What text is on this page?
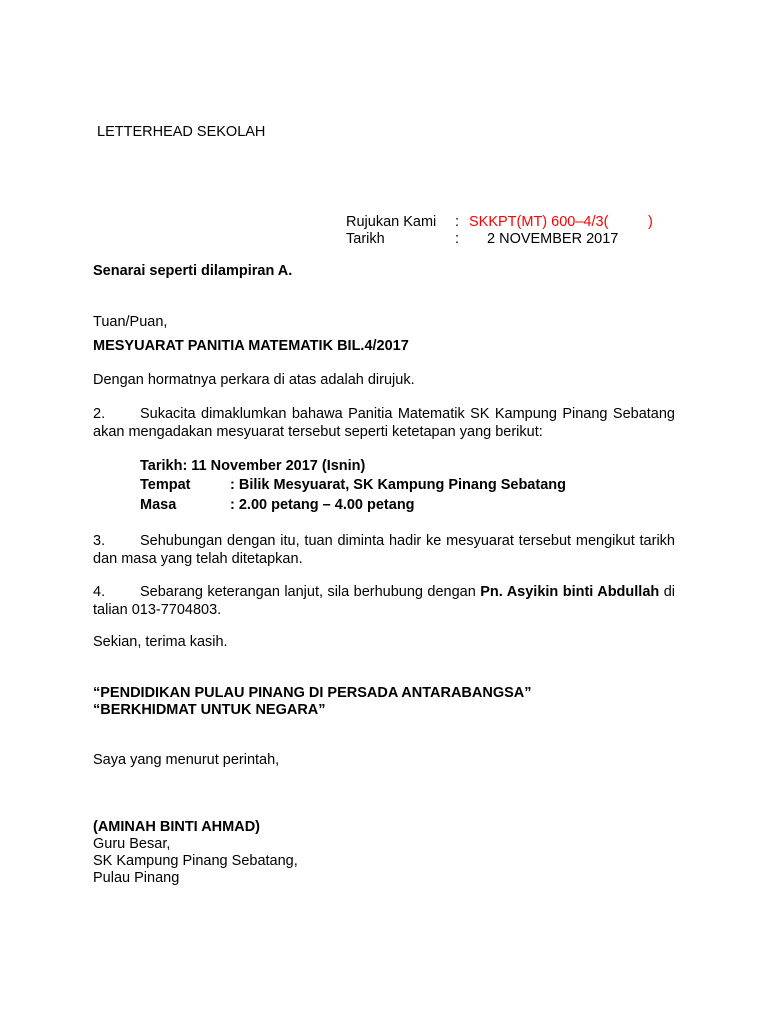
LETTERHEAD SEKOLAH
Rujukan Kami : SKKPT(MT) 600–4/3(	)
Tarikh	: 2 NOVEMBER 2017
Senarai seperti dilampiran A.
Tuan/Puan,
MESYUARAT PANITIA MATEMATIK BIL.4/2017
Dengan hormatnya perkara di atas adalah dirujuk.
2. Sukacita dimaklumkan bahawa Panitia Matematik SK Kampung Pinang Sebatang akan mengadakan mesyuarat tersebut seperti ketetapan yang berikut:
Tarikh: 11 November 2017 (Isnin)
Tempat	: Bilik Mesyuarat, SK Kampung Pinang Sebatang
Masa	: 2.00 petang – 4.00 petang
3. Sehubungan dengan itu, tuan diminta hadir ke mesyuarat tersebut mengikut tarikh dan masa yang telah ditetapkan.
4. Sebarang keterangan lanjut, sila berhubung dengan Pn. Asyikin binti Abdullah di talian 013-7704803.
Sekian, terima kasih.
“PENDIDIKAN PULAU PINANG DI PERSADA ANTARABANGSA”
“BERKHIDMAT UNTUK NEGARA”
Saya yang menurut perintah,
(AMINAH BINTI AHMAD)
Guru Besar,
SK Kampung Pinang Sebatang,
Pulau Pinang
